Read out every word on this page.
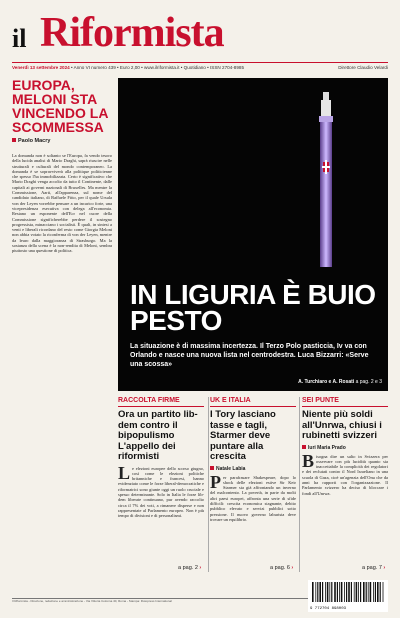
il Riformista
Venerdì 13 settembre 2024 • Anno VI numero 439 • Euro 2,00 • www.ilriformista.it • Quotidiano • ISSN 2704-8985	Direttore Claudio Velardi
EUROPA, MELONI STA VINCENDO LA SCOMMESSA
Paolo Macry
La domanda non è soltanto se l'Europa, fa vendo tesoro della lucida analisi di Mario Draghi, saprà riuscire nelle strutturali e culturali del mondo contemporaneo. La domanda è se sopravviverà alla politique politicienne che spesso l'ha immobilizzata. Certo è significativo che Mario Draghi venga accolto da tutto il Continente, dalle capitali ai governi nazionali di Bruxelles. Ma mentre la Commissione, Aarti, all'apparenza, sul nome del candidato italiano, di Raffaele Fitto, per il quale Ursula von der Leyen vorrebbe pensare a un incarico forte, una vicepresidenza esecutiva con delega all'economia. Restano un esponente dell'Ecr nel cuore della Commissione significherebbe perdere il sostegno progressista, minacciano i socialisti. È quali, in sintesi a venti e liberali ricordano del resto come Giorgia Meloni non abbia votato la riconferma di von der Leyen, mentre da leuro dalla maggioranza di Strasburgo. Ma la sostanza della scena è la non-rendita di Meloni, sembra piuttosto una questione di politica.
IN LIGURIA È BUIO PESTO
La situazione è di massima incertezza. Il Terzo Polo pasticcia, Iv va con Orlando e nasce una nuova lista nel centrodestra. Luca Bizzarri: «Serve una scossa»
A. Turchiaro e A. Rosati a pag. 2 e 3
RACCOLTA FIRME
Ora un partito lib-dem contro il bipopulismo L'appello dei riformisti
Le elezioni europee dello scorso giugno, così come le elezioni politiche britanniche e francesi, hanno evidenziato come le forze liberal-democratiche e riformatrici sono giunte oggi un ruolo cruciale e spesso determinante. Solo in Italia le forze lib-dem liberate continuano, pur avendo raccolto circa il 7% dei voti, a rimanere disperse e non rappresentate al Parlamento europeo. Non è più tempo di divisioni e di personalismi.
UK E ITALIA
I Tory lasciano tasse e tagli, Starmer deve puntare alla crescita
Natale Labia
Per parafrasare Shakespeare, dopo lo shock delle elezioni estive Sir Keir Starmer sta già affrontando un inverno del malcontento. La povertà, in parte da molti altri paesi europei, affronta una serie di sfide difficili: crescita economica stagnante, debito pubblico elevato e servizi pubblici sotto pressione. Il nuovo governo laburista deve trovare un equilibrio.
SEI PUNTE
Niente più soldi all'Unrwa, chiusi i rubinetti svizzeri
Iuri Maria Prado
Bisogna dire un salto in Svizzera per osservare con più lucidità quanto sia inaccettabile la complicità dei regolatori e dei reclutati contro il Nord Israeliano in una scuola di Gaza, cioè un'agenzia dell'Onu che da anni ha rapporti con l'organizzazione. Il Parlamento svizzero ha deciso di bloccare i fondi all'Unrwa.
a pag. 2 ›	a pag. 6 ›	a pag. 7 ›
Il Riformista - Direzione, redazione e amministrazione - Via Vittoria Colonna 40, Roma - Stampa: Rotopress International
9 772704 898003
